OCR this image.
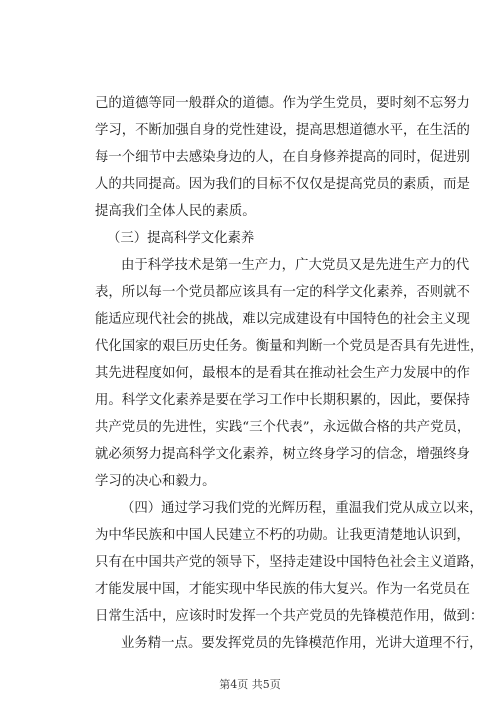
己的道德等同一般群众的道德。作为学生党员，要时刻不忘努力
学习，不断加强自身的党性建设，提高思想道德水平，在生活的
每一个细节中去感染身边的人，在自身修养提高的同时，促进别
人的共同提高。因为我们的目标不仅仅是提高党员的素质，而是
提高我们全体人民的素质。
（三）提高科学文化素养
由于科学技术是第一生产力，广大党员又是先进生产力的代
表，所以每一个党员都应该具有一定的科学文化素养，否则就不
能适应现代社会的挑战，难以完成建设有中国特色的社会主义现
代化国家的艰巨历史任务。衡量和判断一个党员是否具有先进性，
其先进程度如何，最根本的是看其在推动社会生产力发展中的作
用。科学文化素养是要在学习工作中长期积累的，因此，要保持
共产党员的先进性，实践“三个代表”，永远做合格的共产党员，
就必须努力提高科学文化素养，树立终身学习的信念，增强终身
学习的决心和毅力。
（四）通过学习我们党的光辉历程，重温我们党从成立以来，
为中华民族和中国人民建立不朽的功勋。让我更清楚地认识到，
只有在中国共产党的领导下，坚持走建设中国特色社会主义道路，
才能发展中国，才能实现中华民族的伟大复兴。作为一名党员在
日常生活中，应该时时发挥一个共产党员的先锋模范作用，做到：
业务精一点。要发挥党员的先锋模范作用，光讲大道理不行，
第4页 共5页
